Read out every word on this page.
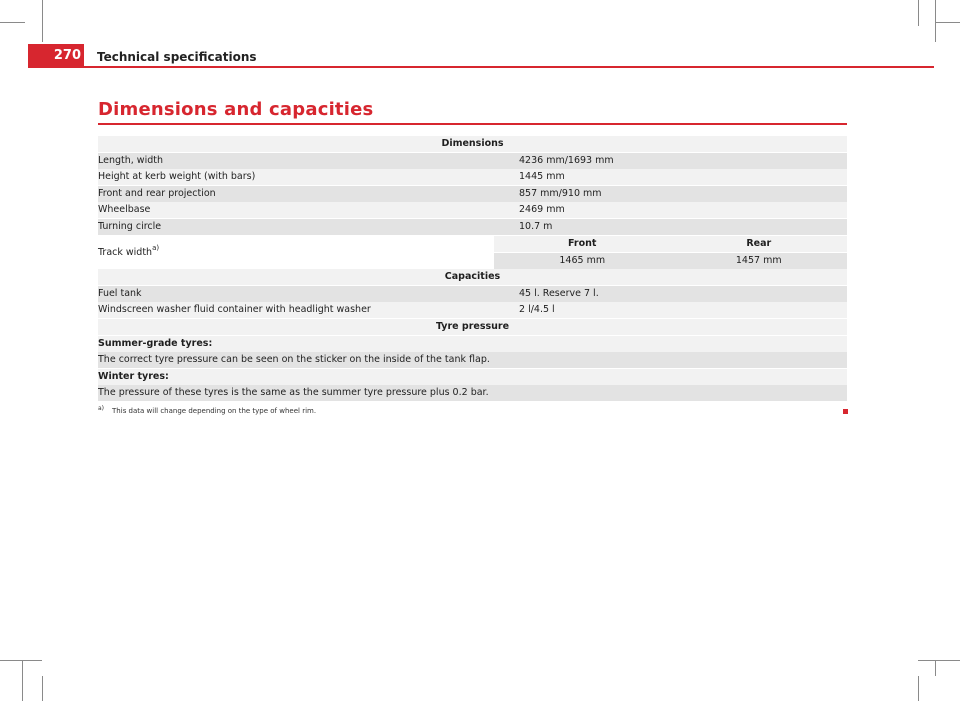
270 Technical specifications
Dimensions and capacities
Dimensions
Length, width	4236 mm/1693 mm
Height at kerb weight (with bars)	1445 mm
Front and rear projection	857 mm/910 mm
Wheelbase	2469 mm
Turning circle	10.7 m
Track width$^{a)}$	Front	Rear
1465 mm	1457 mm
Capacities
Fuel tank	45 l. Reserve 7 l.
Windscreen washer fluid container with headlight washer	2 l/4.5 l
Tyre pressure
Summer-grade tyres:
The correct tyre pressure can be seen on the sticker on the inside of the tank flap.
Winter tyres:
The pressure of these tyres is the same as the summer tyre pressure plus 0.2 bar.
$^{a)}$ This data will change depending on the type of wheel rim.
